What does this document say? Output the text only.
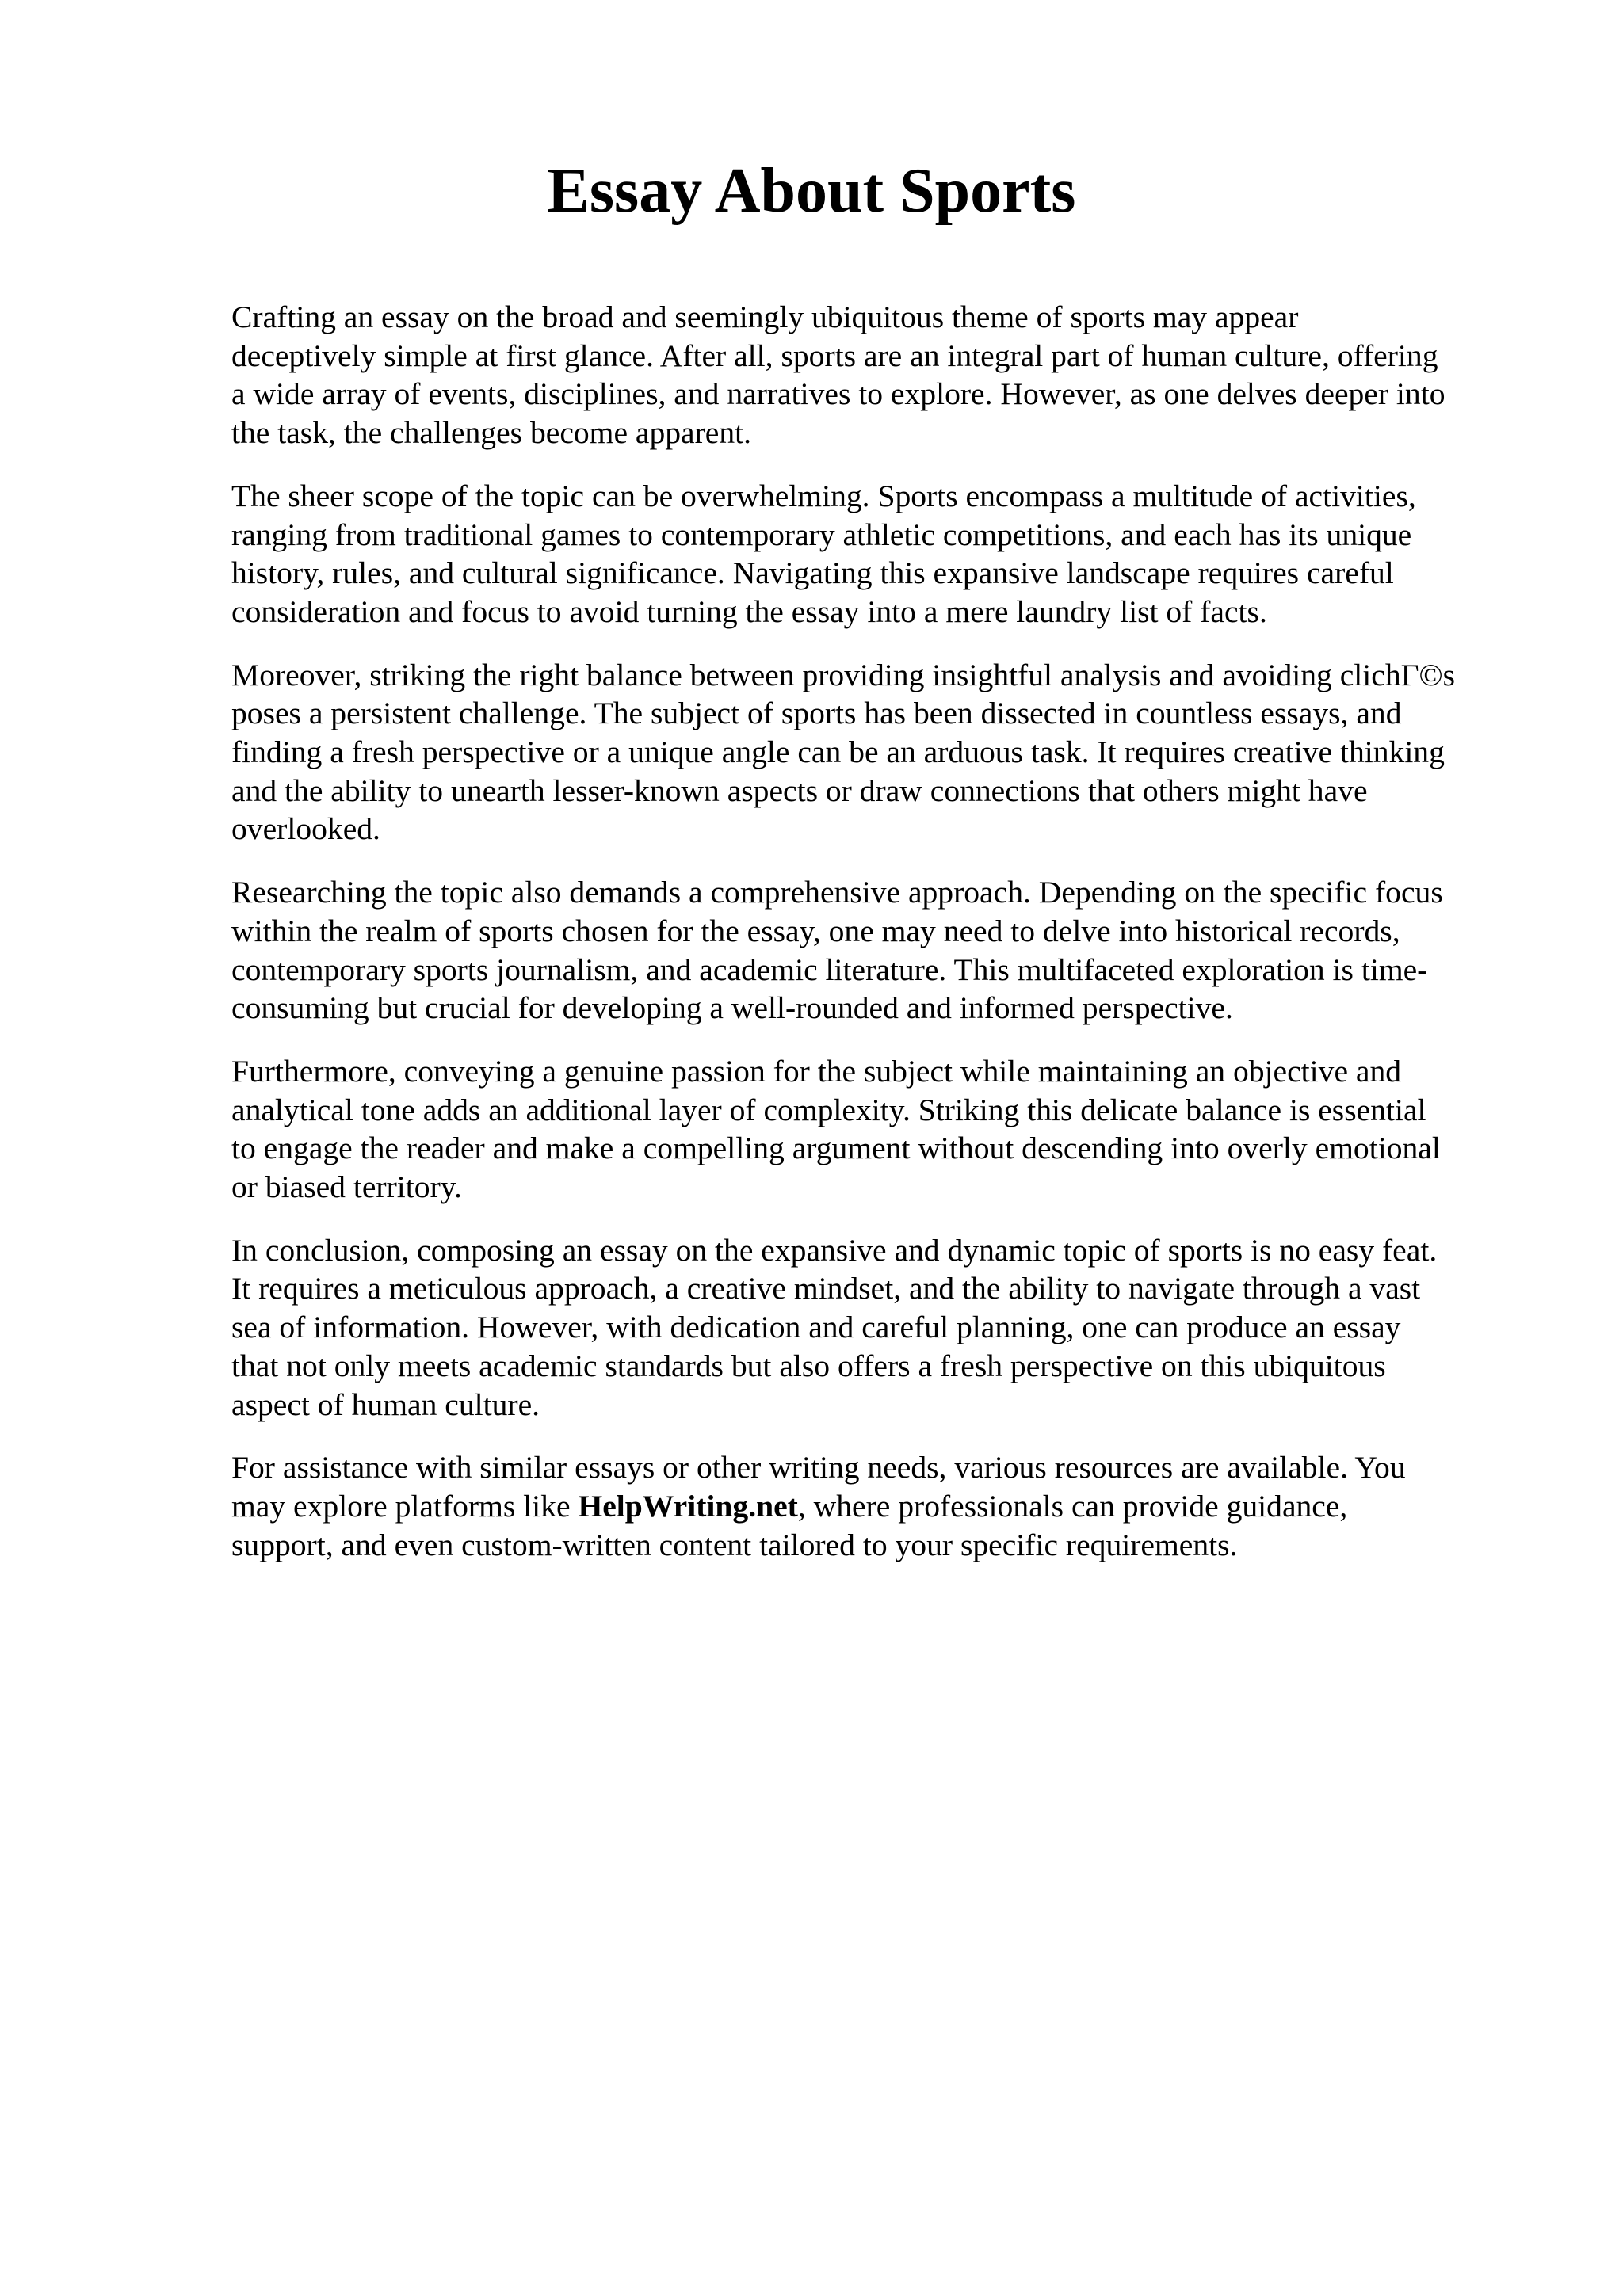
Essay About Sports

Crafting an essay on the broad and seemingly ubiquitous theme of sports may appear
deceptively simple at first glance. After all, sports are an integral part of human culture, offering
a wide array of events, disciplines, and narratives to explore. However, as one delves deeper into
the task, the challenges become apparent.

The sheer scope of the topic can be overwhelming. Sports encompass a multitude of activities,
ranging from traditional games to contemporary athletic competitions, and each has its unique
history, rules, and cultural significance. Navigating this expansive landscape requires careful
consideration and focus to avoid turning the essay into a mere laundry list of facts.

Moreover, striking the right balance between providing insightful analysis and avoiding clichГ©s
poses a persistent challenge. The subject of sports has been dissected in countless essays, and
finding a fresh perspective or a unique angle can be an arduous task. It requires creative thinking
and the ability to unearth lesser-known aspects or draw connections that others might have
overlooked.

Researching the topic also demands a comprehensive approach. Depending on the specific focus
within the realm of sports chosen for the essay, one may need to delve into historical records,
contemporary sports journalism, and academic literature. This multifaceted exploration is time-
consuming but crucial for developing a well-rounded and informed perspective.

Furthermore, conveying a genuine passion for the subject while maintaining an objective and
analytical tone adds an additional layer of complexity. Striking this delicate balance is essential
to engage the reader and make a compelling argument without descending into overly emotional
or biased territory.

In conclusion, composing an essay on the expansive and dynamic topic of sports is no easy feat.
It requires a meticulous approach, a creative mindset, and the ability to navigate through a vast
sea of information. However, with dedication and careful planning, one can produce an essay
that not only meets academic standards but also offers a fresh perspective on this ubiquitous
aspect of human culture.

For assistance with similar essays or other writing needs, various resources are available. You
may explore platforms like HelpWriting.net, where professionals can provide guidance,
support, and even custom-written content tailored to your specific requirements.
